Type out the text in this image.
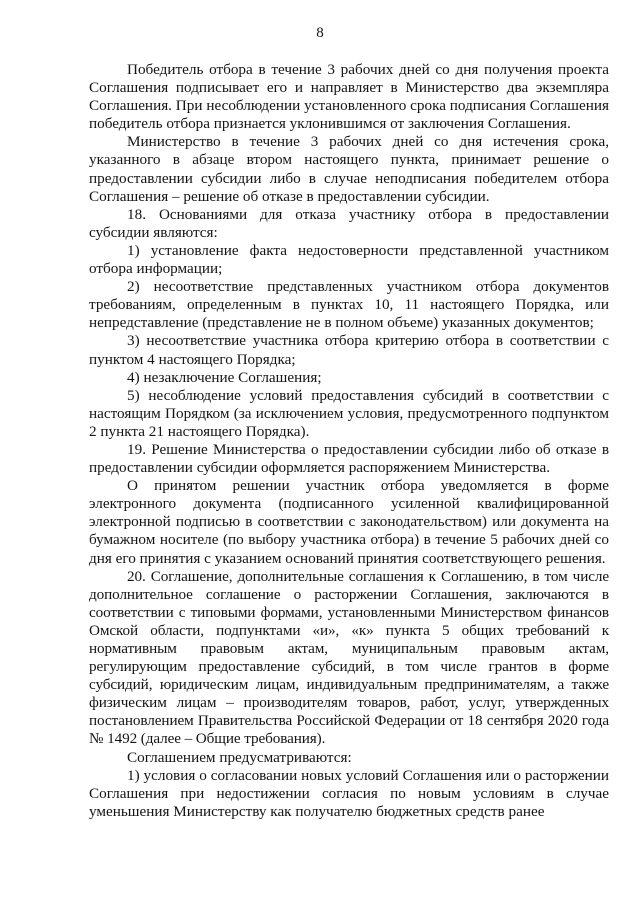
8

Победитель отбора в течение 3 рабочих дней со дня получения проекта Соглашения подписывает его и направляет в Министерство два экземпляра Соглашения. При несоблюдении установленного срока подписания Соглашения победитель отбора признается уклонившимся от заключения Соглашения.

Министерство в течение 3 рабочих дней со дня истечения срока, указанного в абзаце втором настоящего пункта, принимает решение о предоставлении субсидии либо в случае неподписания победителем отбора Соглашения – решение об отказе в предоставлении субсидии.

18. Основаниями для отказа участнику отбора в предоставлении субсидии являются:

1) установление факта недостоверности представленной участником отбора информации;

2) несоответствие представленных участником отбора документов требованиям, определенным в пунктах 10, 11 настоящего Порядка, или непредставление (представление не в полном объеме) указанных документов;

3) несоответствие участника отбора критерию отбора в соответствии с пунктом 4 настоящего Порядка;

4) незаключение Соглашения;

5) несоблюдение условий предоставления субсидий в соответствии с настоящим Порядком (за исключением условия, предусмотренного подпунктом 2 пункта 21 настоящего Порядка).

19. Решение Министерства о предоставлении субсидии либо об отказе в предоставлении субсидии оформляется распоряжением Министерства.

О принятом решении участник отбора уведомляется в форме электронного документа (подписанного усиленной квалифицированной электронной подписью в соответствии с законодательством) или документа на бумажном носителе (по выбору участника отбора) в течение 5 рабочих дней со дня его принятия с указанием оснований принятия соответствующего решения.

20. Соглашение, дополнительные соглашения к Соглашению, в том числе дополнительное соглашение о расторжении Соглашения, заключаются в соответствии с типовыми формами, установленными Министерством финансов Омской области, подпунктами «и», «к» пункта 5 общих требований к нормативным правовым актам, муниципальным правовым актам, регулирующим предоставление субсидий, в том числе грантов в форме субсидий, юридическим лицам, индивидуальным предпринимателям, а также физическим лицам – производителям товаров, работ, услуг, утвержденных постановлением Правительства Российской Федерации от 18 сентября 2020 года № 1492 (далее – Общие требования).

Соглашением предусматриваются:

1) условия о согласовании новых условий Соглашения или о расторжении Соглашения при недостижении согласия по новым условиям в случае уменьшения Министерству как получателю бюджетных средств ранее
